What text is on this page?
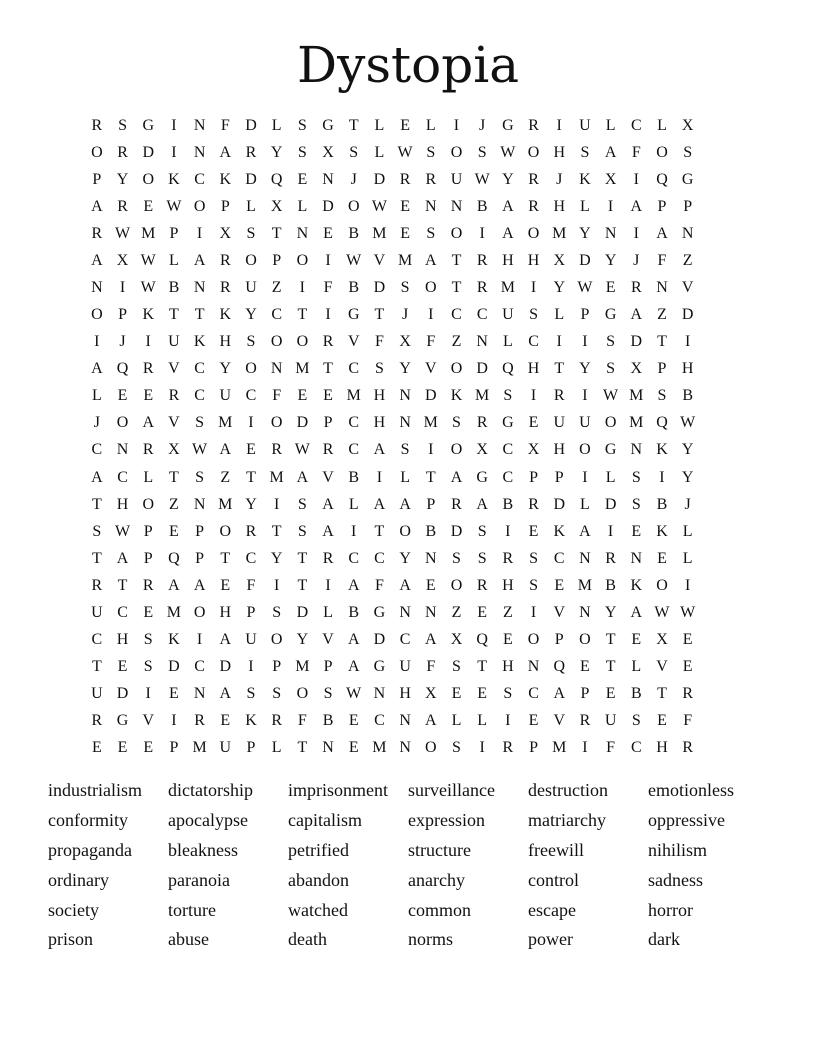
Dystopia
R S G	I	N F D L	S G T L E L	I	J	G R	I	U L C L X
O R D	I	N A R Y S X S	L W S O S W O H S A F O S
P Y O K C K D Q E N	J	D R R U W Y R	J	K X	I	Q G
A R E W O P	L X L D O W E N N B A R H L	I	A P	P
R W M P	I	X S	T N E B M E	S O	I	A O M Y N	I	A N
A X W L A R O P O	I W V M A T R H H X D Y	J	F	Z
N	I W B N R U Z	I	F B D S O T R M I	Y W E R N V
O P K T T K Y C T	I	G T	J	I	C C U S	L	P G A Z D
I	J	I	U K H S O O R V F X F	Z N L C	I	I	S D T	I
A Q R V C Y O N M T C S Y V O D Q H T Y S X P H
L E E R C U C F	E E M H N D K M S	I	R	I W M S B
J	O A V S M I	O D P C H N M S R G E U U O M Q W
C N R X W A E R W R C A S	I	O X C X H O G N K Y
A C L T	S	Z T M A V B	I	L T A G C P	P	I	L	S	I	Y
T H O Z N M Y	I	S A L A A P R A B R D L D S B	J
S W P	E	P O R T	S A	I	T O B D S	I	E K A	I	E K L
T A P Q P	T C Y T R C C Y N S	S R S C N R N E L
R T R A A E	F	I	T	I	A F A E O R H S	E M B K O	I
U C E M O H P	S D L B G N N Z E Z	I	V N Y A W W
C H S K	I	A U O Y V A D C A X Q E O P O T E X E
T E	S D C D	I	P M P A G U F	S	T H N Q E T L V E
U D	I	E N A S	S O S W N H X E E	S C A P	E B T R
R G V	I	R E K R F B E C N A L L	I	E V R U S	E	F
E E E	P M U P	L T N E M N O S	I	R P M I	F C H R
industrialism	dictatorship	imprisonment	surveillance	destruction	emotionless
conformity	apocalypse	capitalism	expression	matriarchy	oppressive
propaganda	bleakness	petrified	structure	freewill	nihilism
ordinary	paranoia	abandon	anarchy	control	sadness
society	torture	watched	common	escape	horror
prison	abuse	death	norms	power	dark
